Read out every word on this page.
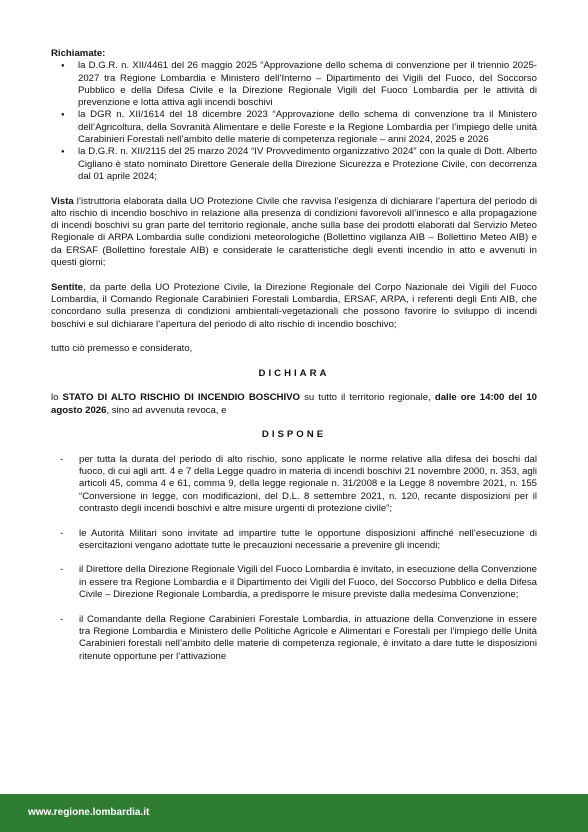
Richiamate:

● la D.G.R. n. XII/4461 del 26 maggio 2025 “Approvazione dello schema di convenzione per il triennio 2025-2027 tra Regione Lombardia e Ministero dell’Interno – Dipartimento dei Vigili del Fuoco, del Soccorso Pubblico e della Difesa Civile e la Direzione Regionale Vigili del Fuoco Lombardia per le attività di prevenzione e lotta attiva agli incendi boschivi
● la DGR n. XII/1614 del 18 dicembre 2023 “Approvazione dello schema di convenzione tra il Ministero dell’Agricoltura, della Sovranità Alimentare e delle Foreste e la Regione Lombardia per l’impiego delle unità Carabinieri Forestali nell’ambito delle materie di competenza regionale – anni 2024, 2025 e 2026
● la D.G.R. n. XII/2115 del 25 marzo 2024 “IV Provvedimento organizzativo 2024” con la quale di Dott. Alberto Cigliano è stato nominato Direttore Generale della Direzione Sicurezza e Protezione Civile, con decorrenza dal 01 aprile 2024;

Vista l’istruttoria elaborata dalla UO Protezione Civile che ravvisa l’esigenza di dichiarare l’apertura del periodo di alto rischio di incendio boschivo in relazione alla presenza di condizioni favorevoli all’innesco e alla propagazione di incendi boschivi su gran parte del territorio regionale, anche sulla base dei prodotti elaborati dal Servizio Meteo Regionale di ARPA Lombardia sulle condizioni meteorologiche (Bollettino vigilanza AIB – Bollettino Meteo AIB) e da ERSAF (Bollettino forestale AIB) e considerate le caratteristiche degli eventi incendio in atto e avvenuti in questi giorni;

Sentite, da parte della UO Protezione Civile, la Direzione Regionale del Corpo Nazionale dei Vigili del Fuoco Lombardia, il Comando Regionale Carabinieri Forestali Lombardia, ERSAF, ARPA, i referenti degli Enti AIB, che concordano sulla presenza di condizioni ambientali-vegetazionali che possono favorire lo sviluppo di incendi boschivi e sul dichiarare l’apertura del periodo di alto rischio di incendio boschivo;

tutto ciò premesso e considerato,

DICHIARA

lo STATO DI ALTO RISCHIO DI INCENDIO BOSCHIVO su tutto il territorio regionale, dalle ore 14:00 del 10 agosto 2026, sino ad avvenuta revoca, e

DISPONE

- per tutta la durata del periodo di alto rischio, sono applicate le norme relative alla difesa dei boschi dal fuoco, di cui agli artt. 4 e 7 della Legge quadro in materia di incendi boschivi 21 novembre 2000, n. 353, agli articoli 45, comma 4 e 61, comma 9, della legge regionale n. 31/2008 e la Legge 8 novembre 2021, n. 155 “Conversione in legge, con modificazioni, del D.L. 8 settembre 2021, n. 120, recante disposizioni per il contrasto degli incendi boschivi e altre misure urgenti di protezione civile”;
- le Autorità Militari sono invitate ad impartire tutte le opportune disposizioni affinché nell’esecuzione di esercitazioni vengano adottate tutte le precauzioni necessarie a prevenire gli incendi;
- il Direttore della Direzione Regionale Vigili del Fuoco Lombardia è invitato, in esecuzione della Convenzione in essere tra Regione Lombardia e il Dipartimento dei Vigili del Fuoco, del Soccorso Pubblico e della Difesa Civile – Direzione Regionale Lombardia, a predisporre le misure previste dalla medesima Convenzione;
- il Comandante della Regione Carabinieri Forestale Lombardia, in attuazione della Convenzione in essere tra Regione Lombardia e Ministero delle Politiche Agricole e Alimentari e Forestali per l’impiego delle Unità Carabinieri forestali nell’ambito delle materie di competenza regionale, è invitato a dare tutte le disposizioni ritenute opportune per l’attivazione
www.regione.lombardia.it
